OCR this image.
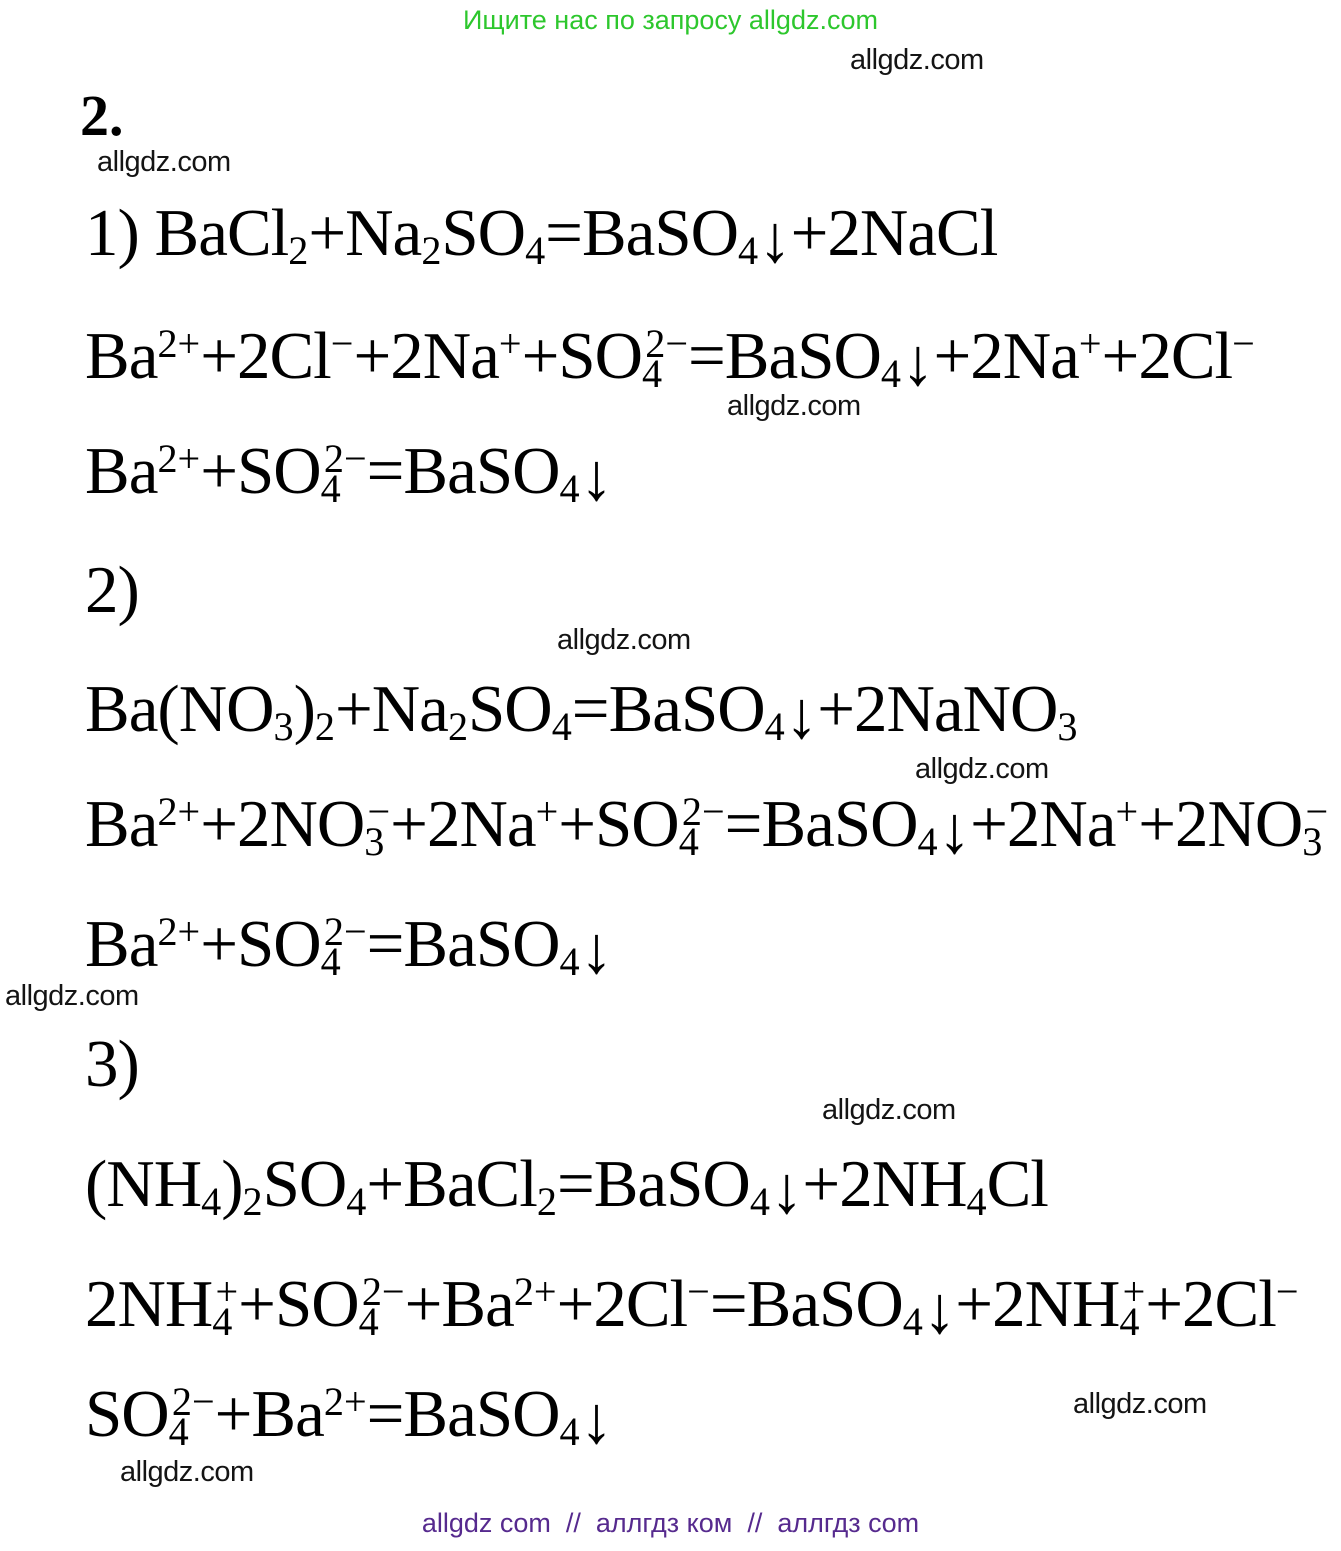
Ищите нас по запросу allgdz.com
allgdz.com
2.
allgdz.com
1) $BaCl_2+Na_2SO_4=BaSO_4↓+2NaCl$
$Ba^{2+}+2Cl^-+2Na^++SO_4^{2-}=BaSO_4↓+2Na^++2Cl^-$
allgdz.com
$Ba^{2+}+SO_4^{2-}=BaSO_4↓$
2)
allgdz.com
$Ba(NO_3)_2+Na_2SO_4=BaSO_4↓+2NaNO_3$
allgdz.com
$Ba^{2+}+2NO_3^-+2Na^++SO_4^{2-}=BaSO_4↓+2Na^++2NO_3^-$
$Ba^{2+}+SO_4^{2-}=BaSO_4↓$
allgdz.com
3)
allgdz.com
$(NH_4)_2SO_4+BaCl_2=BaSO_4↓+2NH_4Cl$
$2NH_4^++SO_4^{2-}+Ba^{2+}+2Cl^-=BaSO_4↓+2NH_4^++2Cl^-$
$SO_4^{2-}+Ba^{2+}=BaSO_4↓$	allgdz.com
allgdz.com
allgdz com  //  аллгдз ком  //  аллгдз com
